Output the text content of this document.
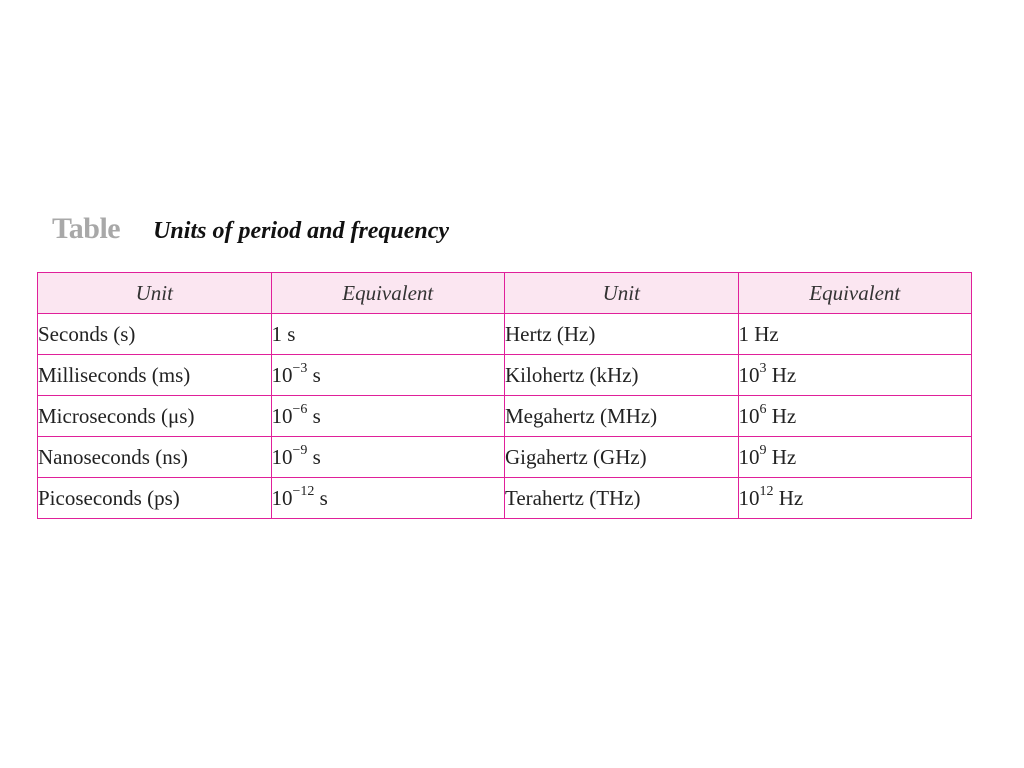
Table Units of period and frequency
Unit	Equivalent	Unit	Equivalent
Seconds (s)	1 s	Hertz (Hz)	1 Hz
Milliseconds (ms)	$10^{-3}$ s	Kilohertz (kHz)	$10^3$ Hz
Microseconds (μs)	$10^{-6}$ s	Megahertz (MHz)	$10^6$ Hz
Nanoseconds (ns)	$10^{-9}$ s	Gigahertz (GHz)	$10^9$ Hz
Picoseconds (ps)	$10^{-12}$ s	Terahertz (THz)	$10^{12}$ Hz
